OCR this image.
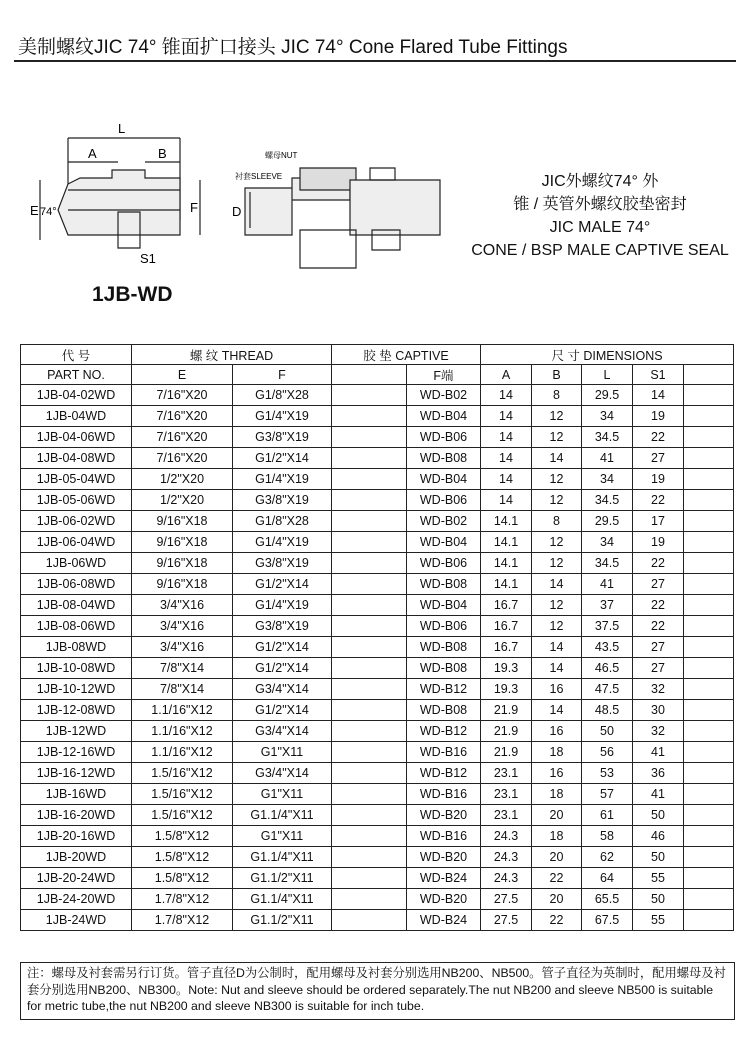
美制螺纹JIC 74° 锥面扩口接头 JIC 74° Cone Flared Tube Fittings
L
A	B
E 74°	F
S1
D
螺母NUT
衬套SLEEVE
1JB-WD
JIC外螺纹74° 外
锥 / 英管外螺纹胶垫密封
JIC MALE 74°
CONE / BSP MALE CAPTIVE SEAL
代 号	螺 纹 THREAD		胶 垫 CAPTIVE		尺 寸 DIMENSIONS				
PART NO.	E	F		F端	A	B	L	S1	
1JB-04-02WD	7/16"X20	G1/8"X28		WD-B02	14	8	29.5	14	
1JB-04WD	7/16"X20	G1/4"X19		WD-B04	14	12	34	19	
1JB-04-06WD	7/16"X20	G3/8"X19		WD-B06	14	12	34.5	22	
1JB-04-08WD	7/16"X20	G1/2"X14		WD-B08	14	14	41	27	
1JB-05-04WD	1/2"X20	G1/4"X19		WD-B04	14	12	34	19	
1JB-05-06WD	1/2"X20	G3/8"X19		WD-B06	14	12	34.5	22	
1JB-06-02WD	9/16"X18	G1/8"X28		WD-B02	14.1	8	29.5	17	
1JB-06-04WD	9/16"X18	G1/4"X19		WD-B04	14.1	12	34	19	
1JB-06WD	9/16"X18	G3/8"X19		WD-B06	14.1	12	34.5	22	
1JB-06-08WD	9/16"X18	G1/2"X14		WD-B08	14.1	14	41	27	
1JB-08-04WD	3/4"X16	G1/4"X19		WD-B04	16.7	12	37	22	
1JB-08-06WD	3/4"X16	G3/8"X19		WD-B06	16.7	12	37.5	22	
1JB-08WD	3/4"X16	G1/2"X14		WD-B08	16.7	14	43.5	27	
1JB-10-08WD	7/8"X14	G1/2"X14		WD-B08	19.3	14	46.5	27	
1JB-10-12WD	7/8"X14	G3/4"X14		WD-B12	19.3	16	47.5	32	
1JB-12-08WD	1.1/16"X12	G1/2"X14		WD-B08	21.9	14	48.5	30	
1JB-12WD	1.1/16"X12	G3/4"X14		WD-B12	21.9	16	50	32	
1JB-12-16WD	1.1/16"X12	G1"X11		WD-B16	21.9	18	56	41	
1JB-16-12WD	1.5/16"X12	G3/4"X14		WD-B12	23.1	16	53	36	
1JB-16WD	1.5/16"X12	G1"X11		WD-B16	23.1	18	57	41	
1JB-16-20WD	1.5/16"X12	G1.1/4"X11		WD-B20	23.1	20	61	50	
1JB-20-16WD	1.5/8"X12	G1"X11		WD-B16	24.3	18	58	46	
1JB-20WD	1.5/8"X12	G1.1/4"X11		WD-B20	24.3	20	62	50	
1JB-20-24WD	1.5/8"X12	G1.1/2"X11		WD-B24	24.3	22	64	55	
1JB-24-20WD	1.7/8"X12	G1.1/4"X11		WD-B20	27.5	20	65.5	50	
1JB-24WD	1.7/8"X12	G1.1/2"X11		WD-B24	27.5	22	67.5	55	
注：螺母及衬套需另行订货。管子直径D为公制时，配用螺母及衬套分别选用NB200、NB500。管子直径为英制时，配用螺母及衬套分别选用NB200、NB300。Note: Nut and sleeve should be ordered separately.The nut NB200 and sleeve NB500 is suitable for metric tube,the nut NB200 and sleeve NB300 is suitable for inch tube.
